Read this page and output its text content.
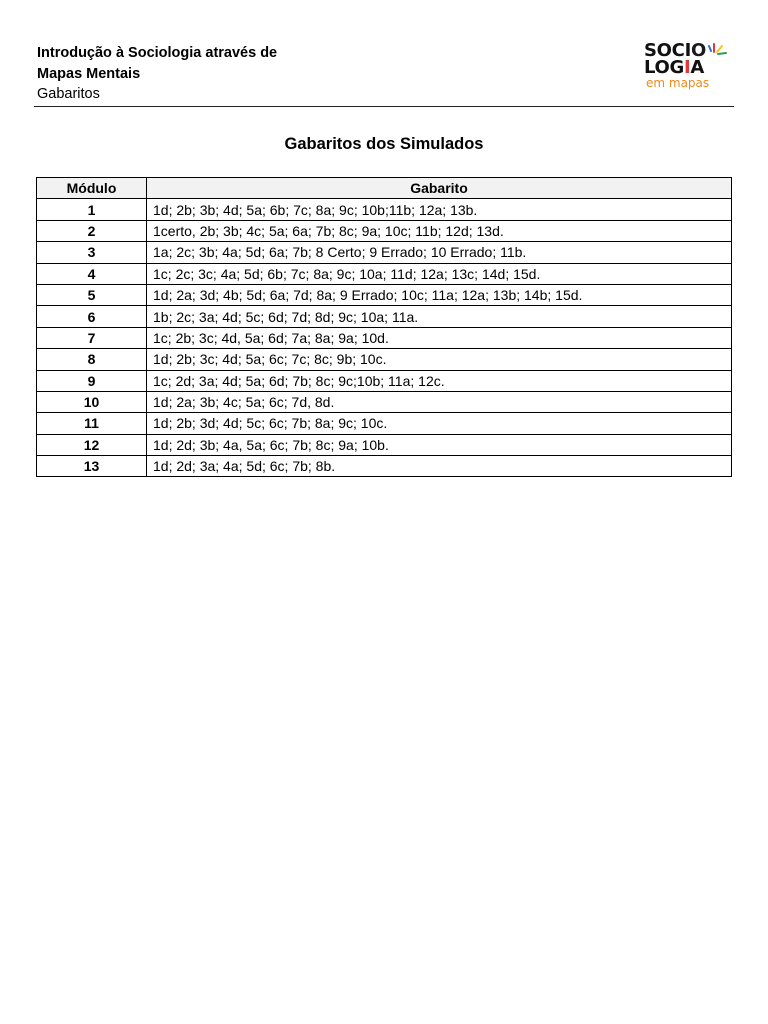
Introdução à Sociologia através de
Mapas Mentais
Gabaritos
SOCIO
LOGIA
em mapas
Gabaritos dos Simulados
Módulo	Gabarito
1	1d; 2b; 3b; 4d; 5a; 6b; 7c; 8a; 9c; 10b;11b; 12a; 13b.
2	1certo, 2b; 3b; 4c; 5a; 6a; 7b; 8c; 9a; 10c; 11b; 12d; 13d.
3	1a; 2c; 3b; 4a; 5d; 6a; 7b; 8 Certo; 9 Errado; 10 Errado; 11b.
4	1c; 2c; 3c; 4a; 5d; 6b; 7c; 8a; 9c; 10a; 11d; 12a; 13c; 14d; 15d.
5	1d; 2a; 3d; 4b; 5d; 6a; 7d; 8a; 9 Errado; 10c; 11a; 12a; 13b; 14b; 15d.
6	1b; 2c; 3a; 4d; 5c; 6d; 7d; 8d; 9c; 10a; 11a.
7	1c; 2b; 3c; 4d, 5a; 6d; 7a; 8a; 9a; 10d.
8	1d; 2b; 3c; 4d; 5a; 6c; 7c; 8c; 9b; 10c.
9	1c; 2d; 3a; 4d; 5a; 6d; 7b; 8c; 9c;10b; 11a; 12c.
10	1d; 2a; 3b; 4c; 5a; 6c; 7d, 8d.
11	1d; 2b; 3d; 4d; 5c; 6c; 7b; 8a; 9c; 10c.
12	1d; 2d; 3b; 4a, 5a; 6c; 7b; 8c; 9a; 10b.
13	1d; 2d; 3a; 4a; 5d; 6c; 7b; 8b.
